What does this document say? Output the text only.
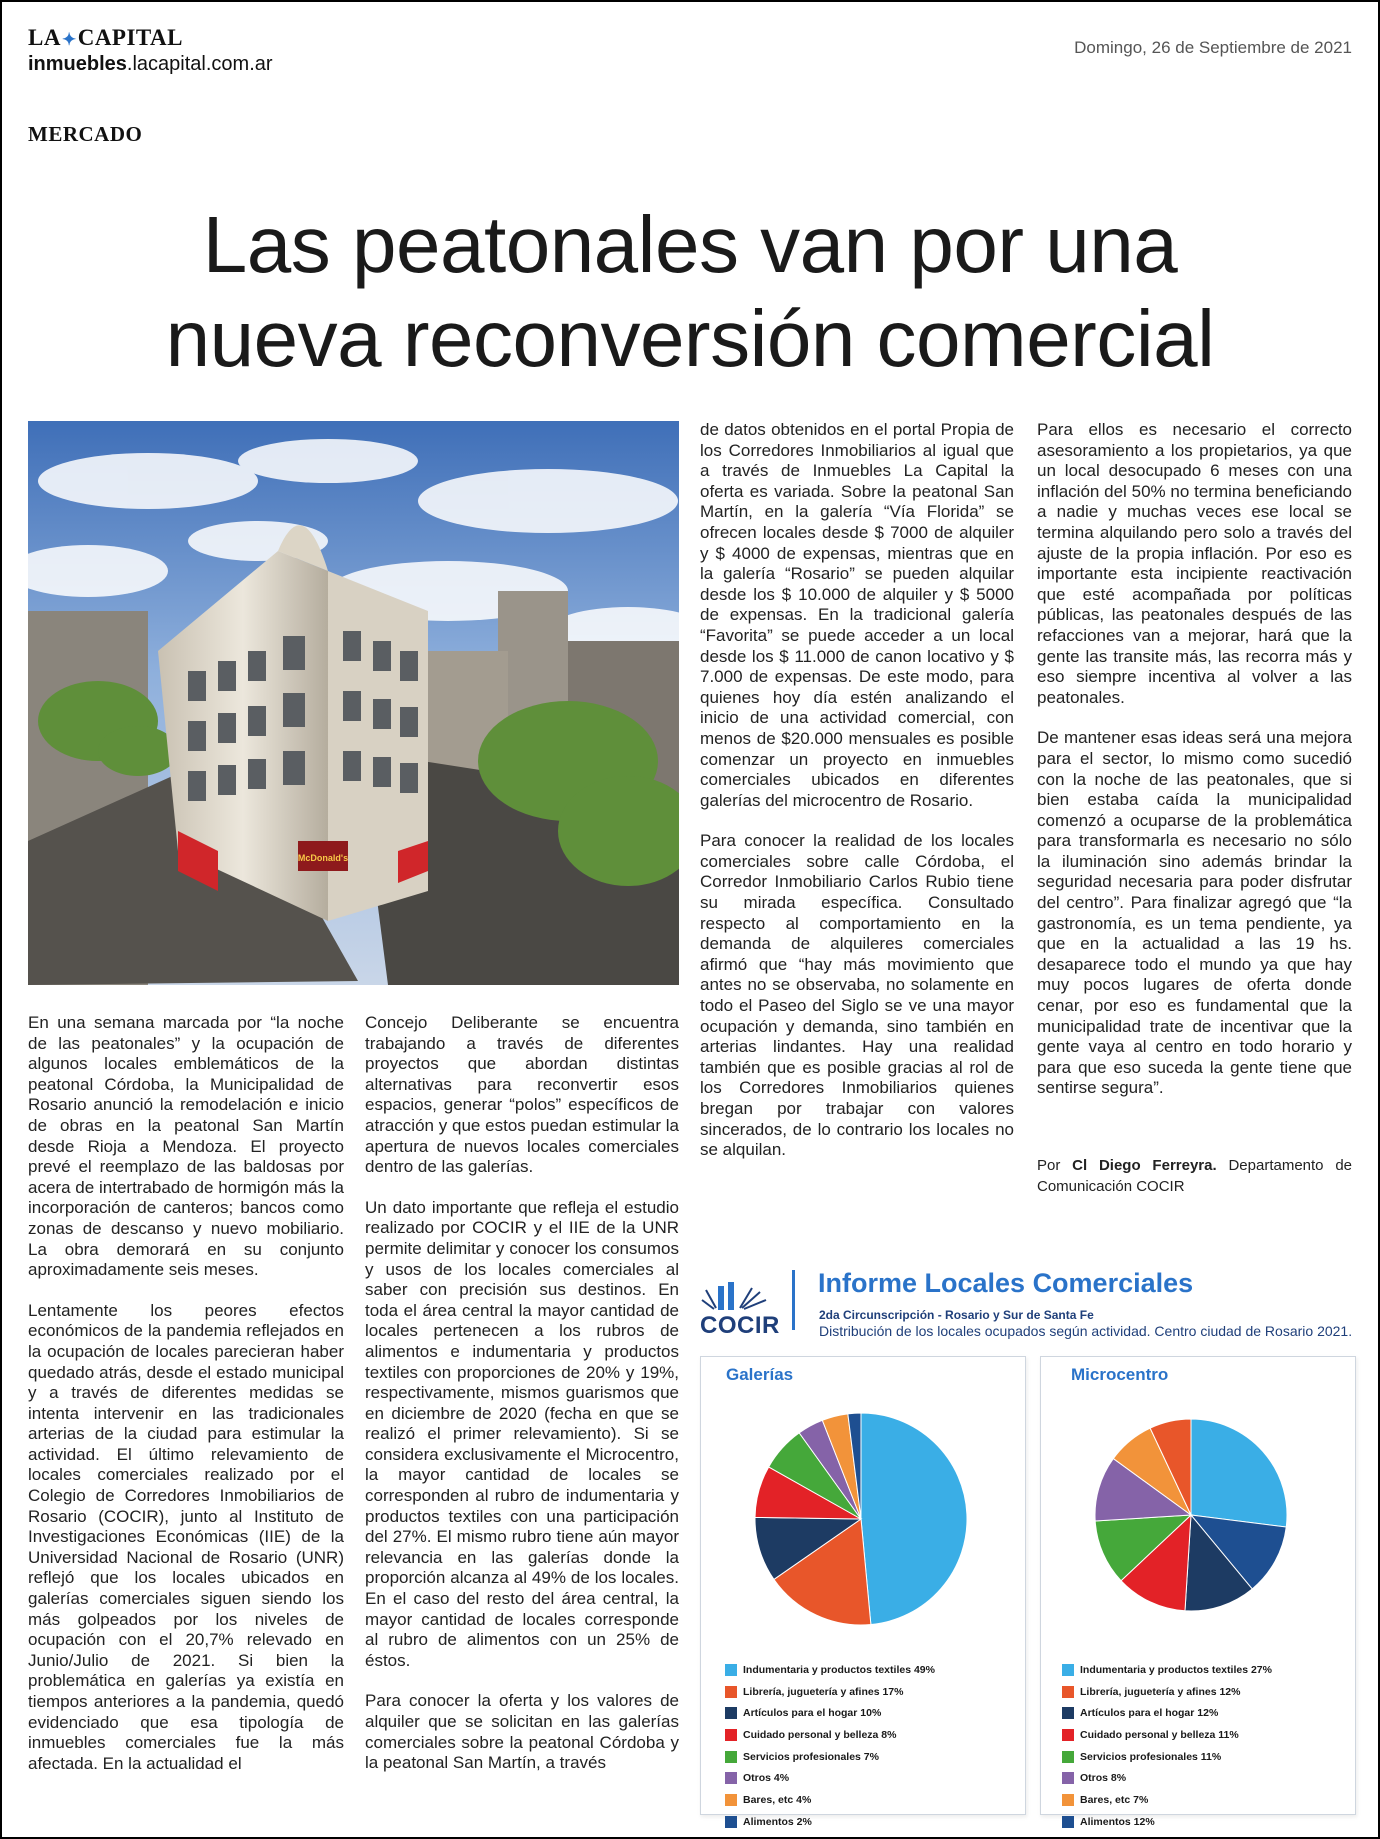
LA✦CAPITAL
inmuebles.lacapital.com.ar
Domingo, 26 de Septiembre de 2021
MERCADO
Las peatonales van por una
nueva reconversión comercial
McDonald's

En una semana marcada por “la noche de las peatonales” y la ocupación de algunos locales emblemáticos de la peatonal Córdoba, la Municipalidad de Rosario anunció la remodelación e inicio de obras en la peatonal San Martín desde Rioja a Mendoza. El proyecto prevé el reemplazo de las baldosas por acera de intertrabado de hormigón más la incorporación de canteros; bancos como zonas de descanso y nuevo mobiliario. La obra demorará en su conjunto aproximadamente seis meses.

Lentamente los peores efectos económicos de la pandemia reflejados en la ocupación de locales parecieran haber quedado atrás, desde el estado municipal y a través de diferentes medidas se intenta intervenir en las tradicionales arterias de la ciudad para estimular la actividad. El último relevamiento de locales comerciales realizado por el Colegio de Corredores Inmobiliarios de Rosario (COCIR), junto al Instituto de Investigaciones Económicas (IIE) de la Universidad Nacional de Rosario (UNR) reflejó que los locales ubicados en galerías comerciales siguen siendo los más golpeados por los niveles de ocupación con el 20,7% relevado en Junio/Julio de 2021. Si bien la problemática en galerías ya existía en tiempos anteriores a la pandemia, quedó evidenciado que esa tipología de inmuebles comerciales fue la más afectada. En la actualidad el

Concejo Deliberante se encuentra trabajando a través de diferentes proyectos que abordan distintas alternativas para reconvertir esos espacios, generar “polos” específicos de atracción y que estos puedan estimular la apertura de nuevos locales comerciales dentro de las galerías.

Un dato importante que refleja el estudio realizado por COCIR y el IIE de la UNR permite delimitar y conocer los consumos y usos de los locales comerciales al saber con precisión sus destinos. En toda el área central la mayor cantidad de locales pertenecen a los rubros de alimentos e indumentaria y productos textiles con proporciones de 20% y 19%, respectivamente, mismos guarismos que en diciembre de 2020 (fecha en que se realizó el primer relevamiento). Si se considera exclusivamente el Microcentro, la mayor cantidad de locales se corresponden al rubro de indumentaria y productos textiles con una participación del 27%. El mismo rubro tiene aún mayor relevancia en las galerías donde la proporción alcanza al 49% de los locales. En el caso del resto del área central, la mayor cantidad de locales corresponde al rubro de alimentos con un 25% de éstos.

Para conocer la oferta y los valores de alquiler que se solicitan en las galerías comerciales sobre la peatonal Córdoba y la peatonal San Martín, a través

de datos obtenidos en el portal Propia de los Corredores Inmobiliarios al igual que a través de Inmuebles La Capital la oferta es variada. Sobre la peatonal San Martín, en la galería “Vía Florida” se ofrecen locales desde $ 7000 de alquiler y $ 4000 de expensas, mientras que en la galería “Rosario” se pueden alquilar desde los $ 10.000 de alquiler y $ 5000 de expensas. En la tradicional galería “Favorita” se puede acceder a un local desde los $ 11.000 de canon locativo y $ 7.000 de expensas. De este modo, para quienes hoy día estén analizando el inicio de una actividad comercial, con menos de $20.000 mensuales es posible comenzar un proyecto en inmuebles comerciales ubicados en diferentes galerías del microcentro de Rosario.

Para conocer la realidad de los locales comerciales sobre calle Córdoba, el Corredor Inmobiliario Carlos Rubio tiene su mirada específica. Consultado respecto al comportamiento en la demanda de alquileres comerciales afirmó que “hay más movimiento que antes no se observaba, no solamente en todo el Paseo del Siglo se ve una mayor ocupación y demanda, sino también en arterias lindantes. Hay una realidad también que es posible gracias al rol de los Corredores Inmobiliarios quienes bregan por trabajar con valores sincerados, de lo contrario los locales no se alquilan.

Para ellos es necesario el correcto asesoramiento a los propietarios, ya que un local desocupado 6 meses con una inflación del 50% no termina beneficiando a nadie y muchas veces ese local se termina alquilando pero solo a través del ajuste de la propia inflación. Por eso es importante esta incipiente reactivación que esté acompañada por políticas públicas, las peatonales después de las refacciones van a mejorar, hará que la gente las transite más, las recorra más y eso siempre incentiva al volver a las peatonales.

De mantener esas ideas será una mejora para el sector, lo mismo como sucedió con la noche de las peatonales, que si bien estaba caída la municipalidad comenzó a ocuparse de la problemática para transformarla es necesario no sólo la iluminación sino además brindar la seguridad necesaria para poder disfrutar del centro”. Para finalizar agregó que “la gastronomía, es un tema pendiente, ya que en la actualidad a las 19 hs. desaparece todo el mundo ya que hay muy pocos lugares de oferta donde cenar, por eso es fundamental que la municipalidad trate de incentivar que la gente vaya al centro en todo horario y para que eso suceda la gente tiene que sentirse segura”.

Por Cl Diego Ferreyra. Departamento de Comunicación COCIR
COCIR
Informe Locales Comerciales
2da Circunscripción - Rosario y Sur de Santa Fe
Distribución de los locales ocupados según actividad. Centro ciudad de Rosario 2021.
Galerías
Indumentaria y productos textiles 49%
Librería, juguetería y afines 17%
Artículos para el hogar 10%
Cuidado personal y belleza 8%
Servicios profesionales 7%
Otros 4%
Bares, etc 4%
Alimentos 2%
Microcentro
Indumentaria y productos textiles 27%
Librería, juguetería y afines 12%
Artículos para el hogar 12%
Cuidado personal y belleza 11%
Servicios profesionales 11%
Otros 8%
Bares, etc 7%
Alimentos 12%
